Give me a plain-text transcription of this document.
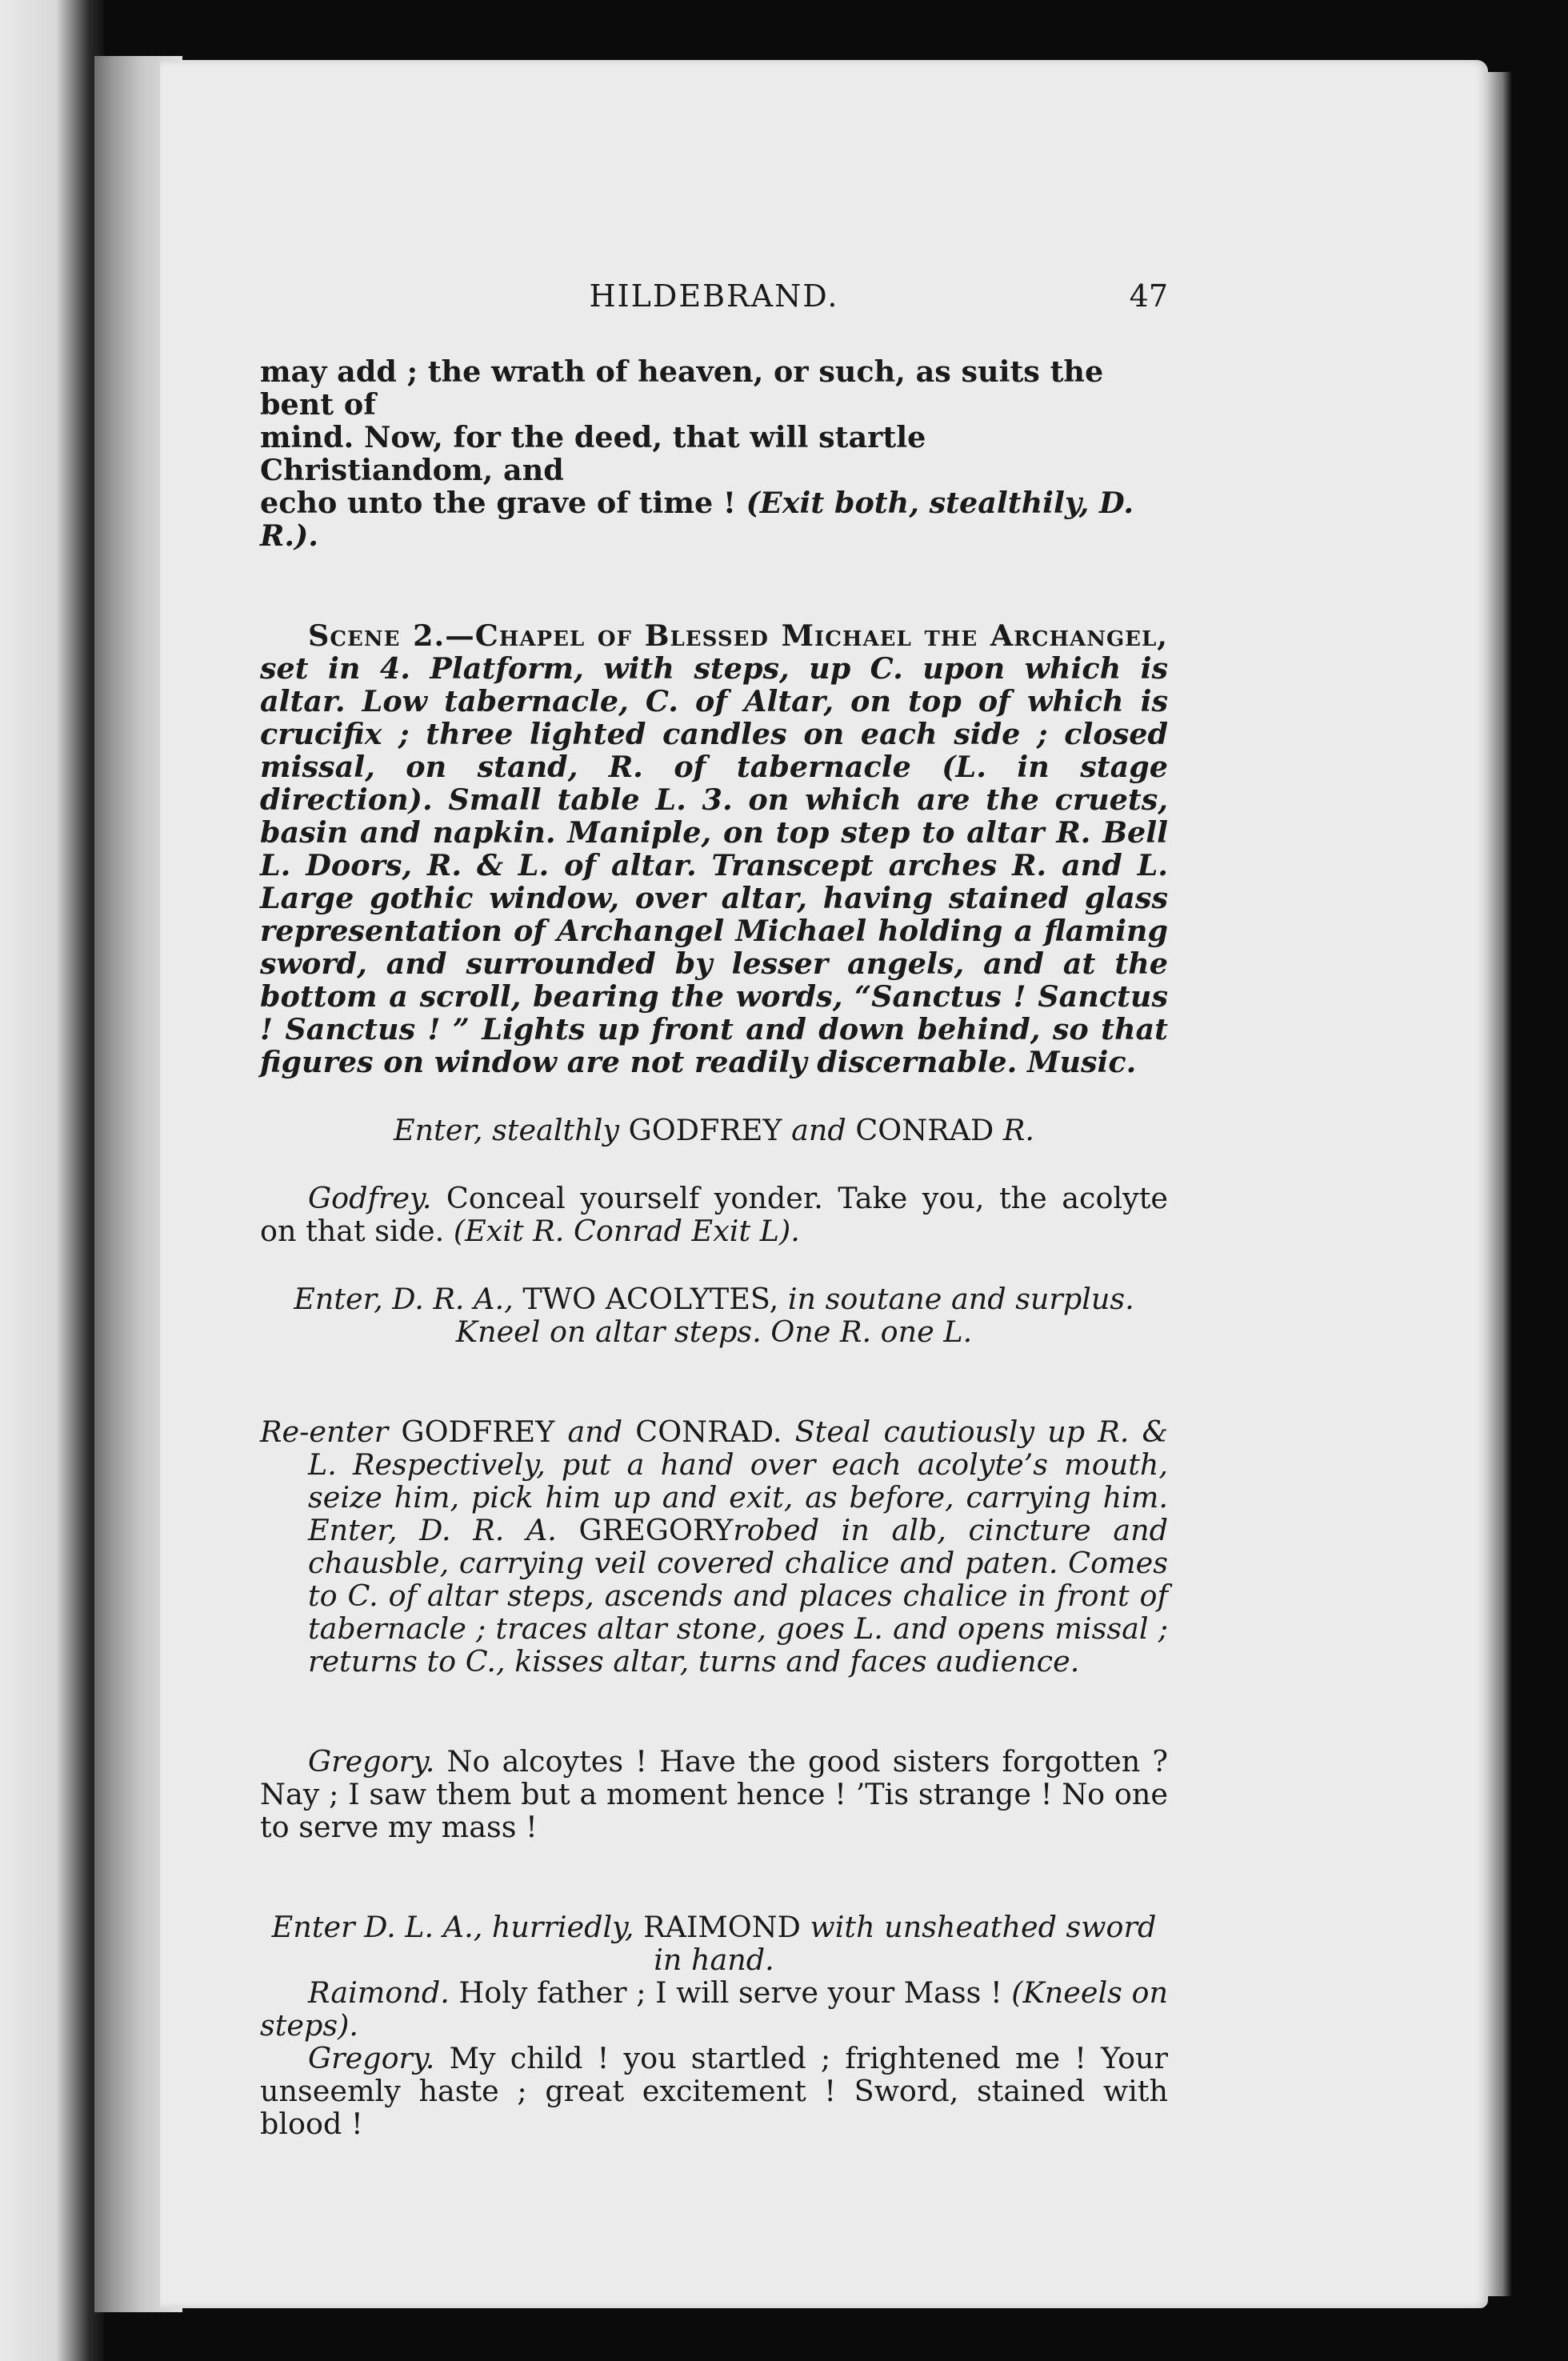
HILDEBRAND.	47

may add ; the wrath of heaven, or such, as suits the bent of
mind. Now, for the deed, that will startle Christiandom, and
echo unto the grave of time ! (Exit both, stealthily, D. R.).

Scene 2.—Chapel of Blessed Michael the Archangel, set in 4. Platform, with steps, up C. upon which is altar. Low tabernacle, C. of Altar, on top of which is crucifix ; three lighted candles on each side ; closed missal, on stand, R. of tabernacle (L. in stage direction). Small table L. 3. on which are the cruets, basin and napkin. Maniple, on top step to altar R. Bell L. Doors, R. & L. of altar. Transcept arches R. and L. Large gothic window, over altar, having stained glass representation of Archangel Michael holding a flaming sword, and surrounded by lesser angels, and at the bottom a scroll, bearing the words, “Sanctus ! Sanctus ! Sanctus ! ” Lights up front and down behind, so that figures on window are not readily discernable. Music.

Enter, stealthly GODFREY and CONRAD R.

Godfrey. Conceal yourself yonder. Take you, the acolyte on that side. (Exit R. Conrad Exit L).

Enter, D. R. A., TWO ACOLYTES, in soutane and surplus.
Kneel on altar steps. One R. one L.

Re-enter GODFREY and CONRAD. Steal cautiously up R. & L. Respectively, put a hand over each acolyte’s mouth, seize him, pick him up and exit, as before, carrying him. Enter, D. R. A. GREGORYrobed in alb, cincture and chausble, carrying veil covered chalice and paten. Comes to C. of altar steps, ascends and places chalice in front of tabernacle ; traces altar stone, goes L. and opens missal ; returns to C., kisses altar, turns and faces audience.

Gregory. No alcoytes ! Have the good sisters forgotten ? Nay ; I saw them but a moment hence ! ’Tis strange ! No one to serve my mass !

Enter D. L. A., hurriedly, RAIMOND with unsheathed sword
in hand.

Raimond. Holy father ; I will serve your Mass ! (Kneels on steps).

Gregory. My child ! you startled ; frightened me ! Your unseemly haste ; great excitement ! Sword, stained with blood !
